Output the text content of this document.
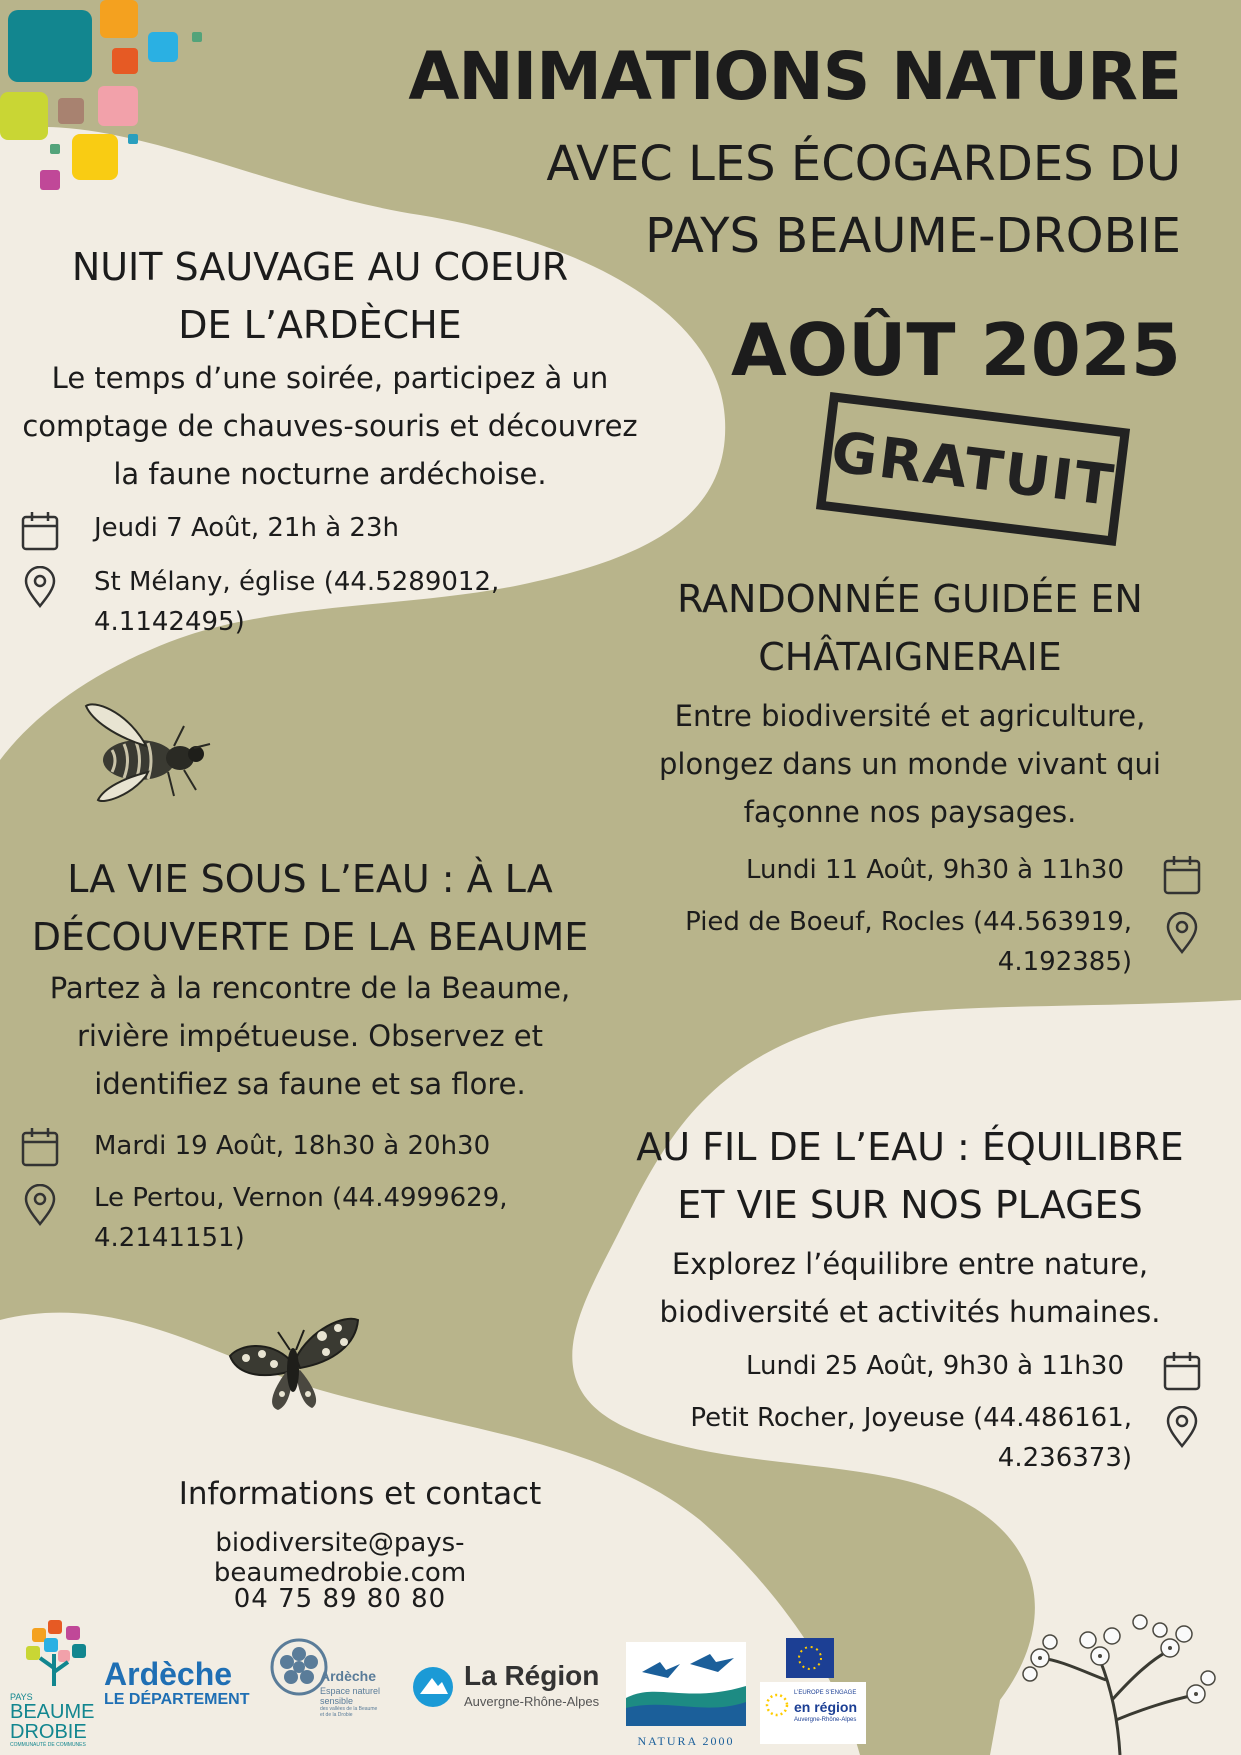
ANIMATIONS NATURE
AVEC LES ÉCOGARDES DU
PAYS BEAUME-DROBIE
AOÛT 2025
GRATUIT
NUIT SAUVAGE AU COEUR
DE L’ARDÈCHE
Le temps d’une soirée, participez à un
comptage de chauves-souris et découvrez
la faune nocturne ardéchoise.
Jeudi 7 Août, 21h à 23h
St Mélany, église (44.5289012,
4.1142495)
RANDONNÉE GUIDÉE EN
CHÂTAIGNERAIE
Entre biodiversité et agriculture,
plongez dans un monde vivant qui
façonne nos paysages.
Lundi 11 Août, 9h30 à 11h30
Pied de Boeuf, Rocles (44.563919,
4.192385)
LA VIE SOUS L’EAU : À LA
DÉCOUVERTE DE LA BEAUME
Partez à la rencontre de la Beaume,
rivière impétueuse. Observez et
identifiez sa faune et sa flore.
Mardi 19 Août, 18h30 à 20h30
Le Pertou, Vernon (44.4999629,
4.2141151)
AU FIL DE L’EAU : ÉQUILIBRE
ET VIE SUR NOS PLAGES
Explorez l’équilibre entre nature,
biodiversité et activités humaines.
Lundi 25 Août, 9h30 à 11h30
Petit Rocher, Joyeuse (44.486161,
4.236373)
Informations et contact
biodiversite@pays-beaumedrobie.com
04 75 89 80 80
PAYS
BEAUME
DROBIE
COMMUNAUTÉ DE COMMUNES
Ardèche
LE DÉPARTEMENT
Ardèche
Espace naturel
sensible
des vallées de la Beaume
et de la Drobie
La Région
Auvergne-Rhône-Alpes
NATURA 2000
L’EUROPE S’ENGAGE
en région
Auvergne-Rhône-Alpes
